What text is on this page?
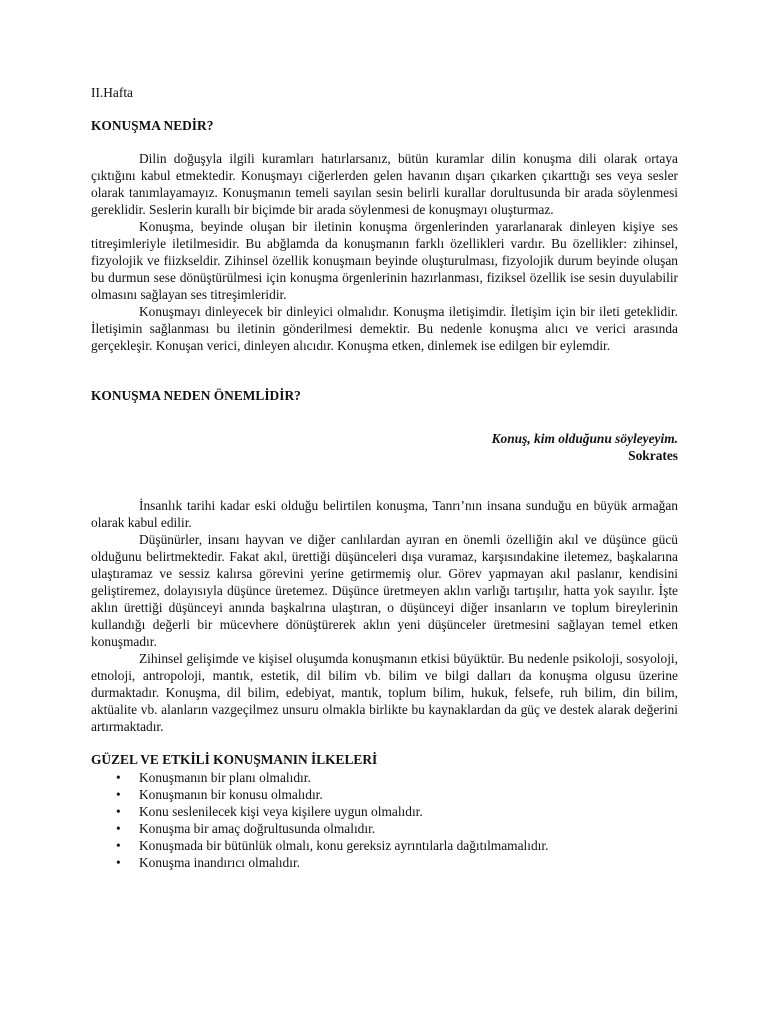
II.Hafta
KONUŞMA NEDİR?

Dilin doğuşyla ilgili kuramları hatırlarsanız, bütün kuramlar dilin konuşma dili olarak ortaya çıktığını kabul etmektedir. Konuşmayı ciğerlerden gelen havanın dışarı çıkarken çıkarttığı ses veya sesler olarak tanımlayamayız. Konuşmanın temeli sayılan sesin belirli kurallar dorultusunda bir arada söylenmesi gereklidir. Seslerin kurallı bir biçimde bir arada söylenmesi de konuşmayı oluşturmaz.

Konuşma, beyinde oluşan bir iletinin konuşma örgenlerinden yararlanarak dinleyen kişiye ses titreşimleriyle iletilmesidir. Bu abğlamda da konuşmanın farklı özellikleri vardır. Bu özellikler: zihinsel, fizyolojik ve fiizkseldir. Zihinsel özellik konuşmaın beyinde oluşturulması, fizyolojik durum beyinde oluşan bu durmun sese dönüştürülmesi için konuşma örgenlerinin hazırlanması, fiziksel özellik ise sesin duyulabilir olmasını sağlayan ses titreşimleridir.

Konuşmayı dinleyecek bir dinleyici olmalıdır. Konuşma iletişimdir. İletişim için bir ileti geteklidir. İletişimin sağlanması bu iletinin gönderilmesi demektir. Bu nedenle konuşma alıcı ve verici arasında gerçekleşir. Konuşan verici, dinleyen alıcıdır. Konuşma etken, dinlemek ise edilgen bir eylemdir.

KONUŞMA NEDEN ÖNEMLİDİR?
Konuş, kim olduğunu söyleyeyim.
Sokrates

İnsanlık tarihi kadar eski olduğu belirtilen konuşma, Tanrı’nın insana sunduğu en büyük armağan olarak kabul edilir.

Düşünürler, insanı hayvan ve diğer canlılardan ayıran en önemli özelliğin akıl ve düşünce gücü olduğunu belirtmektedir. Fakat akıl, ürettiği düşünceleri dışa vuramaz, karşısındakine iletemez, başkalarına ulaştıramaz ve sessiz kalırsa görevini yerine getirmemiş olur. Görev yapmayan akıl paslanır, kendisini geliştiremez, dolayısıyla düşünce üretemez. Düşünce üretmeyen aklın varlığı tartışılır, hatta yok sayılır. İşte aklın ürettiği düşünceyi anında başkalrına ulaştıran, o düşünceyi diğer insanların ve toplum bireylerinin kullandığı değerli bir mücevhere dönüştürerek aklın yeni düşünceler üretmesini sağlayan temel etken konuşmadır.

Zihinsel gelişimde ve kişisel oluşumda konuşmanın etkisi büyüktür. Bu nedenle psikoloji, sosyoloji, etnoloji, antropoloji, mantık, estetik, dil bilim vb. bilim ve bilgi dalları da konuşma olgusu üzerine durmaktadır. Konuşma, dil bilim, edebiyat, mantık, toplum bilim, hukuk, felsefe, ruh bilim, din bilim, aktüalite vb. alanların vazgeçilmez unsuru olmakla birlikte bu kaynaklardan da güç ve destek alarak değerini artırmaktadır.

GÜZEL VE ETKİLİ KONUŞMANIN İLKELERİ
• Konuşmanın bir planı olmalıdır.
• Konuşmanın bir konusu olmalıdır.
• Konu seslenilecek kişi veya kişilere uygun olmalıdır.
• Konuşma bir amaç doğrultusunda olmalıdır.
• Konuşmada bir bütünlük olmalı, konu gereksiz ayrıntılarla dağıtılmamalıdır.
• Konuşma inandırıcı olmalıdır.
